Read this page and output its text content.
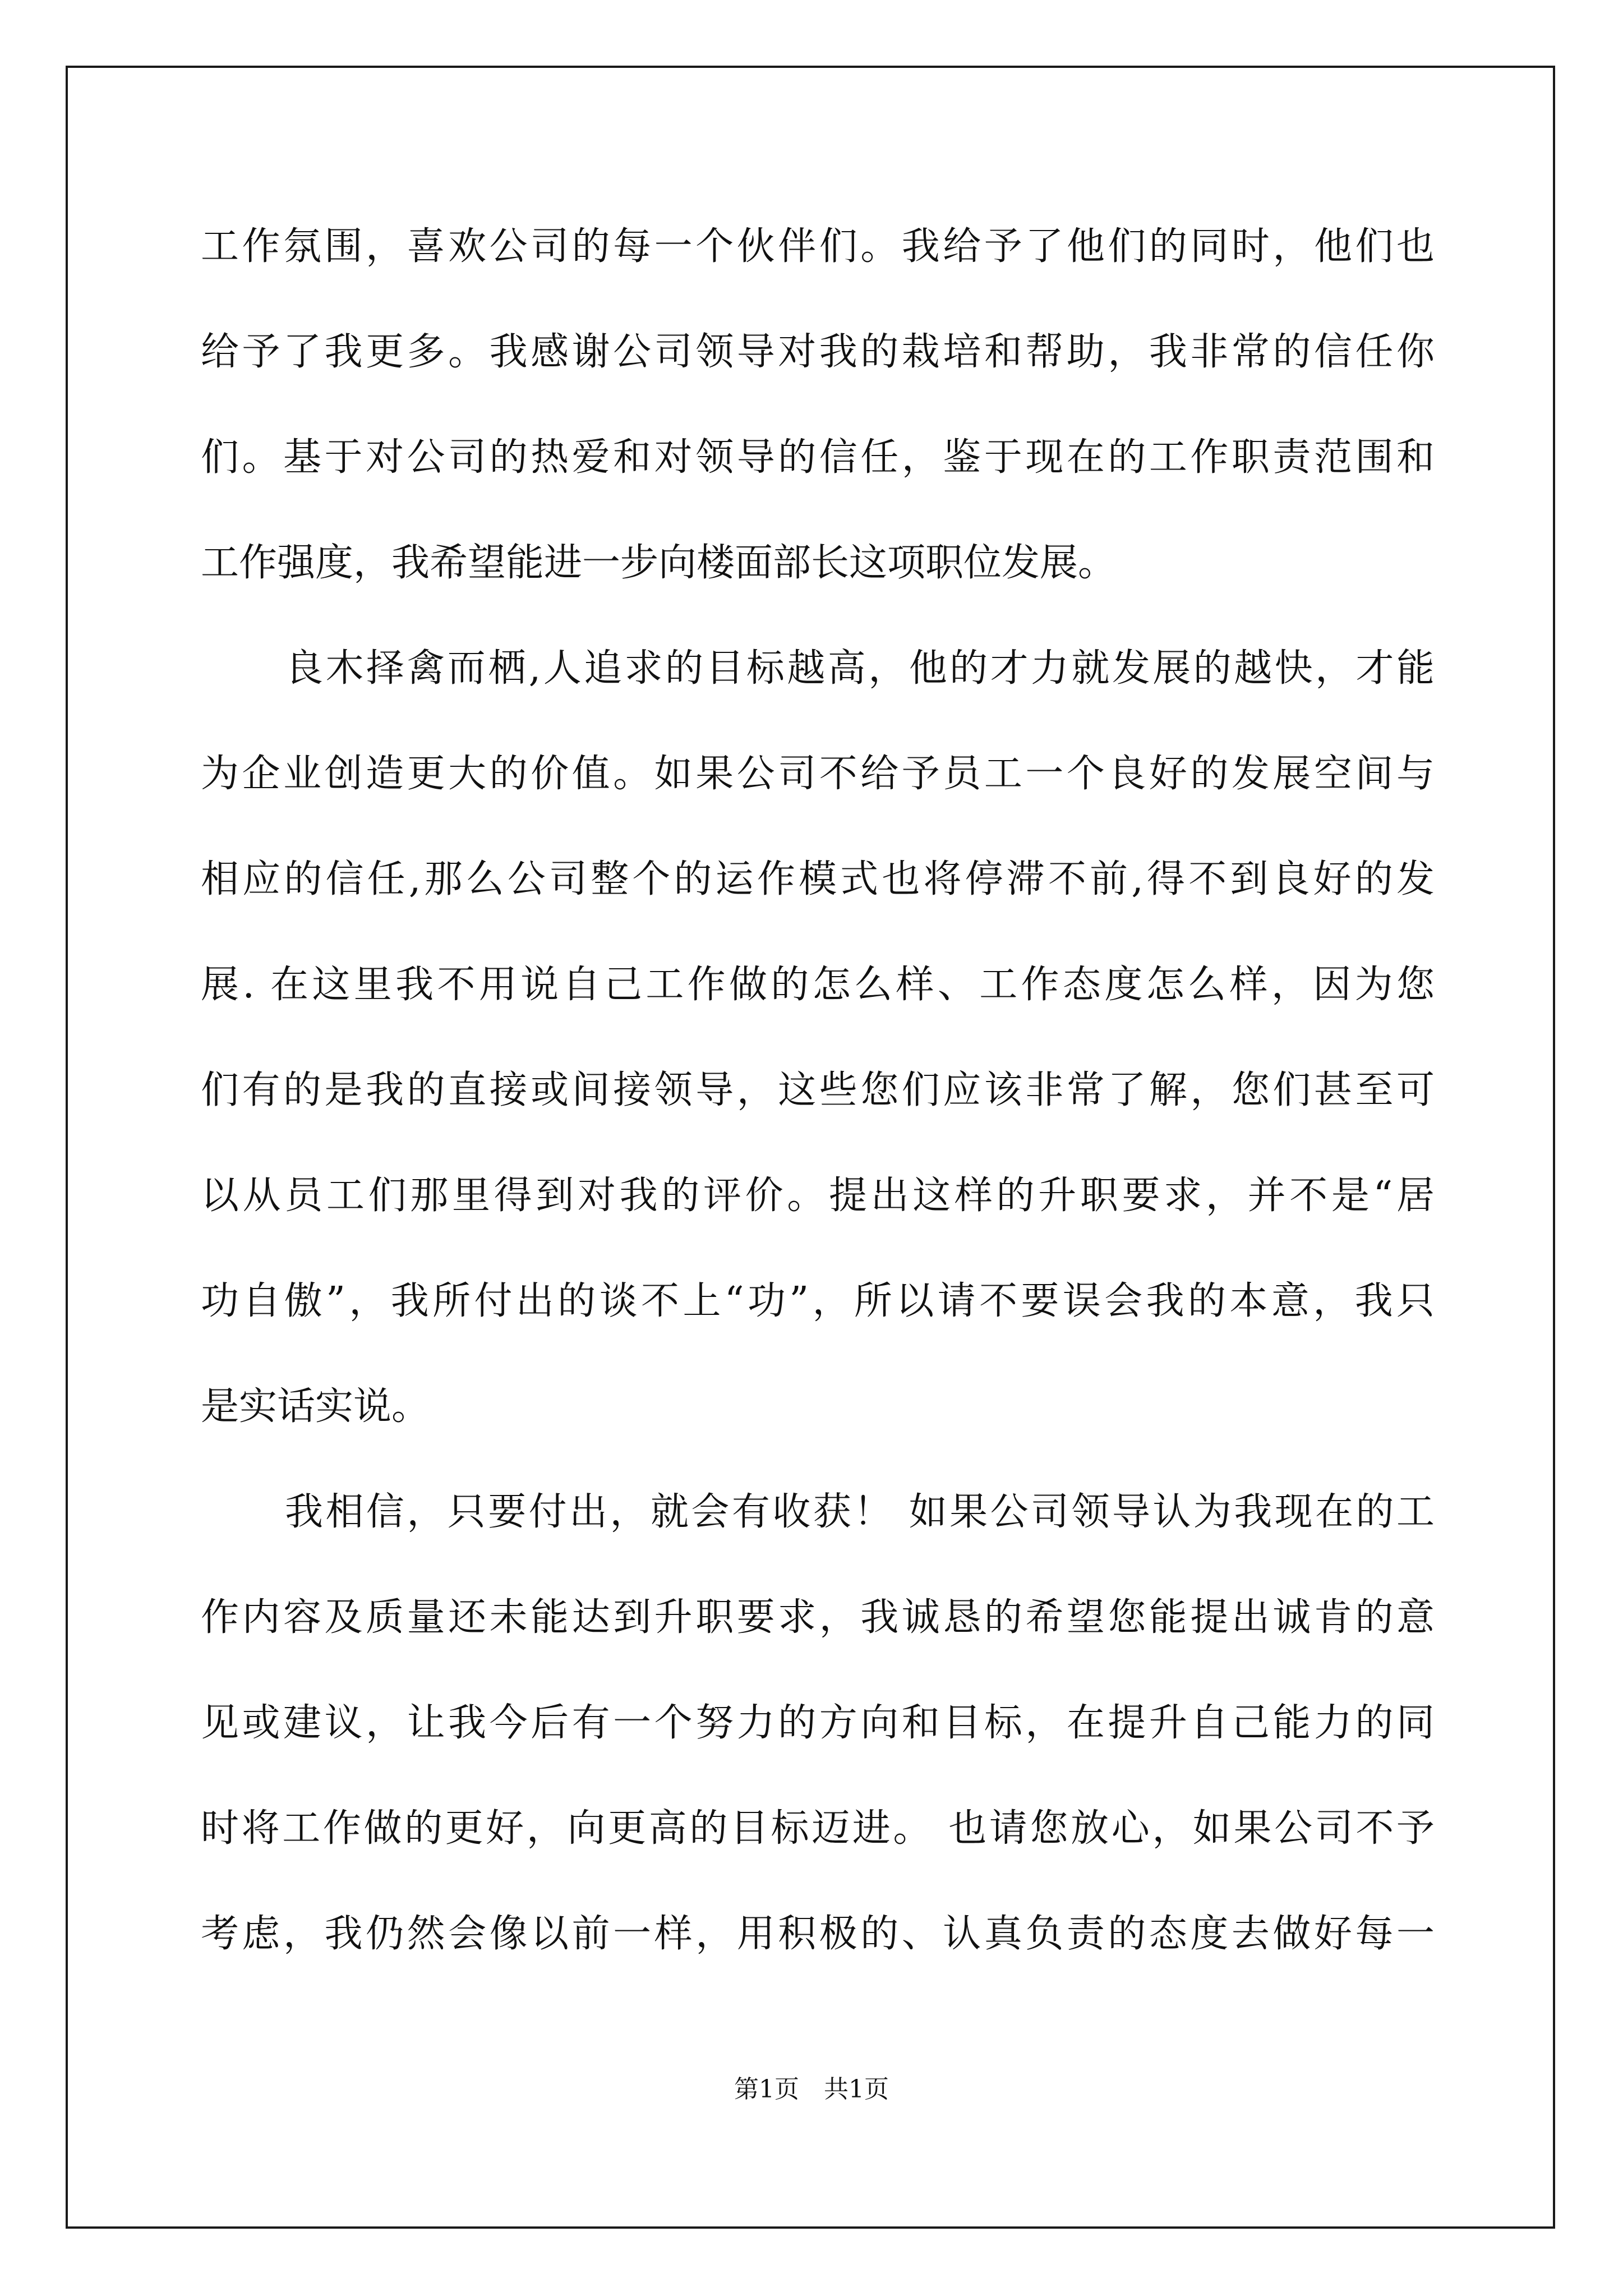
工作氛围，喜欢公司的每一个伙伴们。我给予了他们的同时，他们也
给予了我更多。我感谢公司领导对我的栽培和帮助，我非常的信任你
们。基于对公司的热爱和对领导的信任，鉴于现在的工作职责范围和
工作强度，我希望能进一步向楼面部长这项职位发展。
良木择禽而栖,人追求的目标越高，他的才力就发展的越快，才能
为企业创造更大的价值。如果公司不给予员工一个良好的发展空间与
相应的信任,那么公司整个的运作模式也将停滞不前,得不到良好的发
展. 在这里我不用说自己工作做的怎么样、工作态度怎么样，因为您
们有的是我的直接或间接领导，这些您们应该非常了解，您们甚至可
以从员工们那里得到对我的评价。提出这样的升职要求，并不是“居
功自傲”，我所付出的谈不上“功”，所以请不要误会我的本意，我只
是实话实说。
我相信，只要付出，就会有收获！ 如果公司领导认为我现在的工
作内容及质量还未能达到升职要求，我诚恳的希望您能提出诚肯的意
见或建议，让我今后有一个努力的方向和目标，在提升自己能力的同
时将工作做的更好，向更高的目标迈进。 也请您放心，如果公司不予
考虑，我仍然会像以前一样，用积极的、认真负责的态度去做好每一
第1页　共1页
